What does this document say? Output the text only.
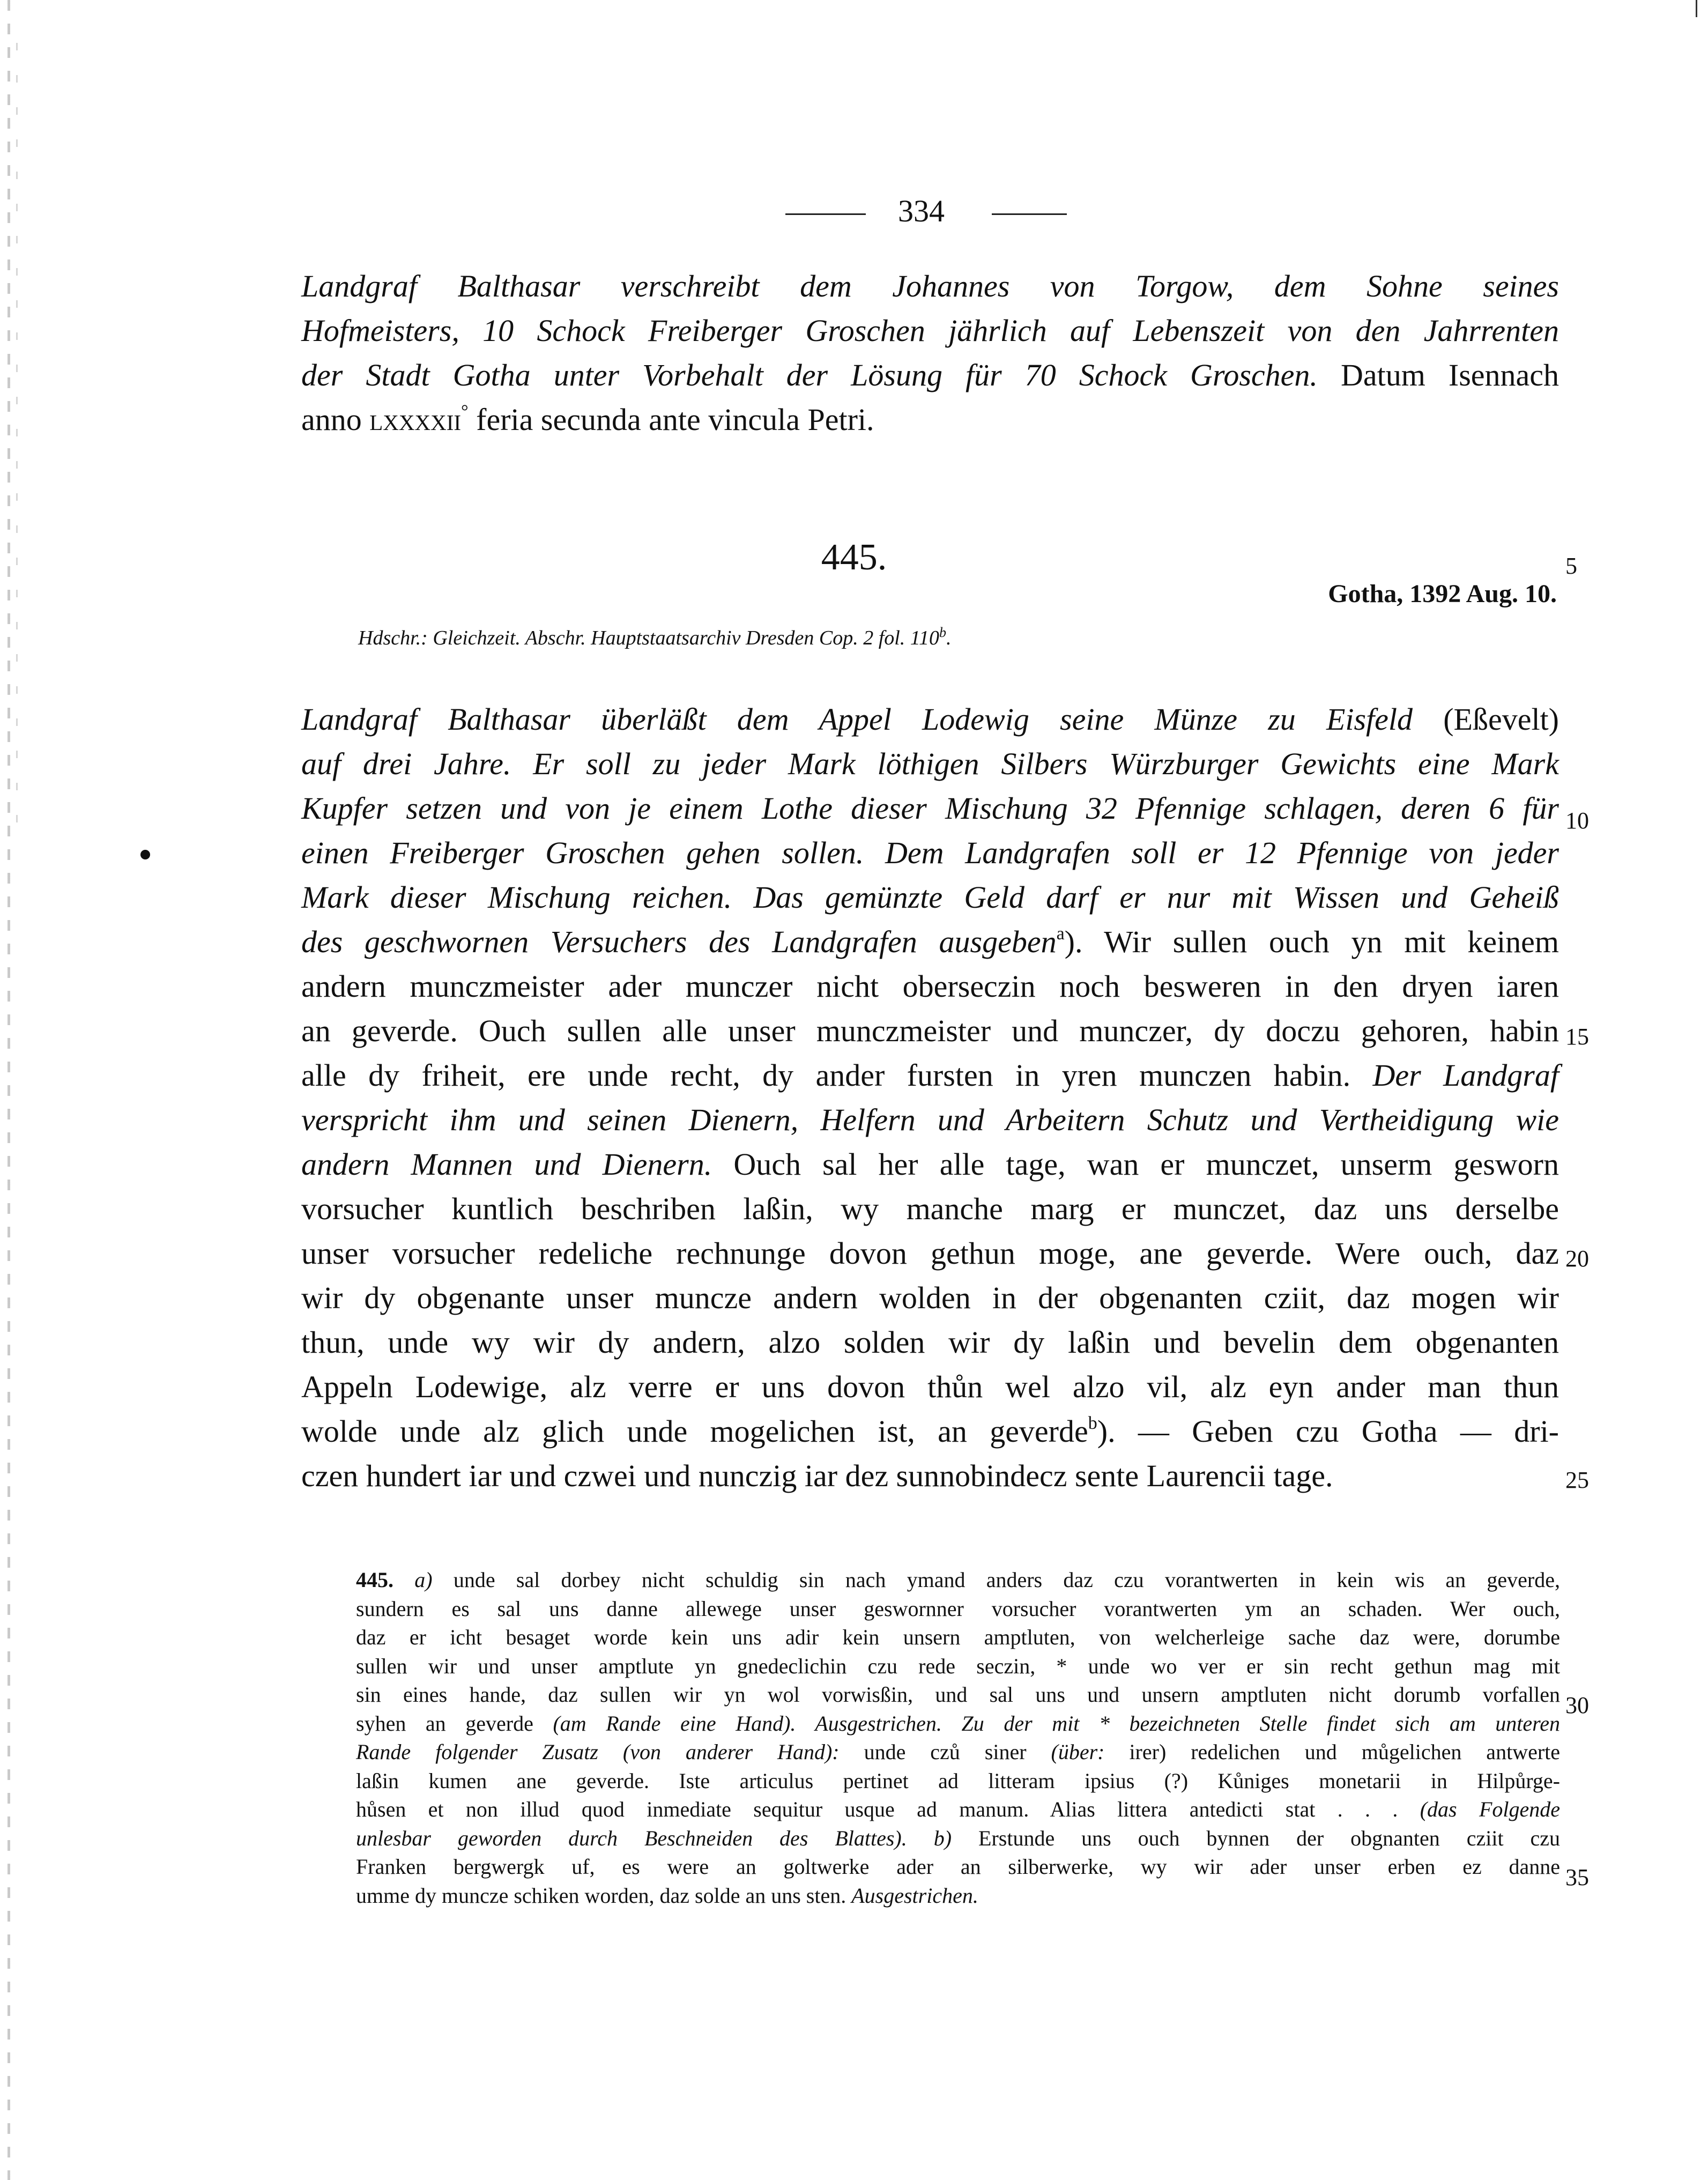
334
Landgraf Balthasar verschreibt dem Johannes von Torgow, dem Sohne seines
Hofmeisters, 10 Schock Freiberger Groschen jährlich auf Lebenszeit von den Jahrrenten
der Stadt Gotha unter Vorbehalt der Lösung für 70 Schock Groschen. Datum Isennach
anno lxxxxii° feria secunda ante vincula Petri.
445.
Gotha, 1392 Aug. 10.
Hdschr.: Gleichzeit. Abschr. Hauptstaatsarchiv Dresden Cop. 2 fol. 110$^b$.
Landgraf Balthasar überläßt dem Appel Lodewig seine Münze zu Eisfeld (Eßevelt)
auf drei Jahre. Er soll zu jeder Mark löthigen Silbers Würzburger Gewichts eine Mark
Kupfer setzen und von je einem Lothe dieser Mischung 32 Pfennige schlagen, deren 6 für
einen Freiberger Groschen gehen sollen. Dem Landgrafen soll er 12 Pfennige von jeder
Mark dieser Mischung reichen. Das gemünzte Geld darf er nur mit Wissen und Geheiß
des geschwornen Versuchers des Landgrafen ausgeben$^a$). Wir sullen ouch yn mit keinem
andern munczmeister ader munczer nicht oberseczin noch besweren in den dryen iaren
an geverde. Ouch sullen alle unser munczmeister und munczer, dy doczu gehoren, habin
alle dy friheit, ere unde recht, dy ander fursten in yren munczen habin. Der Landgraf
verspricht ihm und seinen Dienern, Helfern und Arbeitern Schutz und Vertheidigung wie
andern Mannen und Dienern. Ouch sal her alle tage, wan er munczet, unserm gesworn
vorsucher kuntlich beschriben laßin, wy manche marg er munczet, daz uns derselbe
unser vorsucher redeliche rechnunge dovon gethun moge, ane geverde. Were ouch, daz
wir dy obgenante unser muncze andern wolden in der obgenanten cziit, daz mogen wir
thun, unde wy wir dy andern, alzo solden wir dy laßin und bevelin dem obgenanten
Appeln Lodewige, alz verre er uns dovon thůn wel alzo vil, alz eyn ander man thun
wolde unde alz glich unde mogelichen ist, an geverde$^b$). — Geben czu Gotha — dri-
czen hundert iar und czwei und nunczig iar dez sunnobindecz sente Laurencii tage.
5
10
15
20
25
445. a) unde sal dorbey nicht schuldig sin nach ymand anders daz czu vorantwerten in kein wis an geverde,
sundern es sal uns danne allewege unser geswornner vorsucher vorantwerten ym an schaden. Wer ouch,
daz er icht besaget worde kein uns adir kein unsern amptluten, von welcherleige sache daz were, dorumbe
sullen wir und unser amptlute yn gnedeclichin czu rede seczin, * unde wo ver er sin recht gethun mag mit
sin eines hande, daz sullen wir yn wol vorwisßin, und sal uns und unsern amptluten nicht dorumb vorfallen
syhen an geverde (am Rande eine Hand). Ausgestrichen. Zu der mit * bezeichneten Stelle findet sich am unteren
Rande folgender Zusatz (von anderer Hand): unde czů siner (über: irer) redelichen und můgelichen antwerte
laßin kumen ane geverde. Iste articulus pertinet ad litteram ipsius (?) Kůniges monetarii in Hilpůrge-
hůsen et non illud quod inmediate sequitur usque ad manum. Alias littera antedicti stat . . . (das Folgende
unlesbar geworden durch Beschneiden des Blattes). b) Erstunde uns ouch bynnen der obgnanten cziit czu
Franken bergwergk uf, es were an goltwerke ader an silberwerke, wy wir ader unser erben ez danne
umme dy muncze schiken worden, daz solde an uns sten. Ausgestrichen.
30
35
